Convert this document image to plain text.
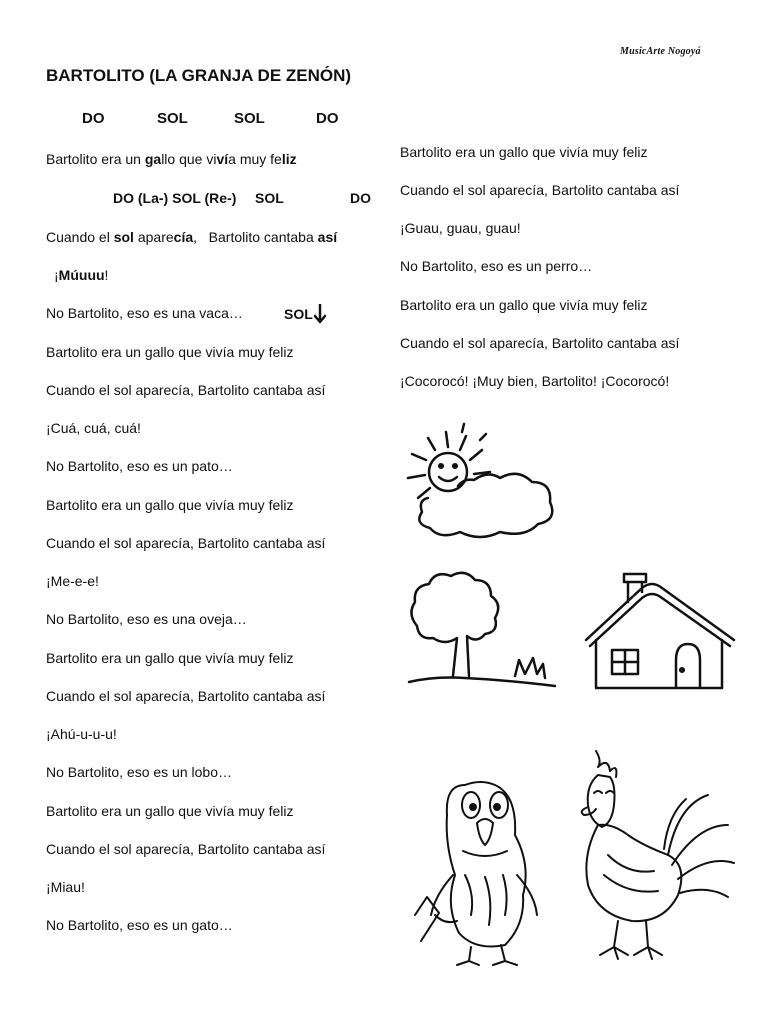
MusicArte Nogoyá
BARTOLITO (LA GRANJA DE ZENÓN)
DO	SOL	SOL	DO
Bartolito era un gallo que vivía muy feliz
DO (La-) SOL (Re-) SOL	DO
Cuando el sol aparecía,   Bartolito cantaba así
¡Múuuu!
No Bartolito, eso es una vaca…	SOL
Bartolito era un gallo que vivía muy feliz
Cuando el sol aparecía, Bartolito cantaba así
¡Cuá, cuá, cuá!
No Bartolito, eso es un pato…
Bartolito era un gallo que vivía muy feliz
Cuando el sol aparecía, Bartolito cantaba así
¡Me-e-e!
No Bartolito, eso es una oveja…
Bartolito era un gallo que vivía muy feliz
Cuando el sol aparecía, Bartolito cantaba así
¡Ahú-u-u-u!
No Bartolito, eso es un lobo…
Bartolito era un gallo que vivía muy feliz
Cuando el sol aparecía, Bartolito cantaba así
¡Miau!
No Bartolito, eso es un gato…
Bartolito era un gallo que vivía muy feliz
Cuando el sol aparecía, Bartolito cantaba así
¡Guau, guau, guau!
No Bartolito, eso es un perro…
Bartolito era un gallo que vivía muy feliz
Cuando el sol aparecía, Bartolito cantaba así
¡Cocorocó! ¡Muy bien, Bartolito! ¡Cocorocó!
